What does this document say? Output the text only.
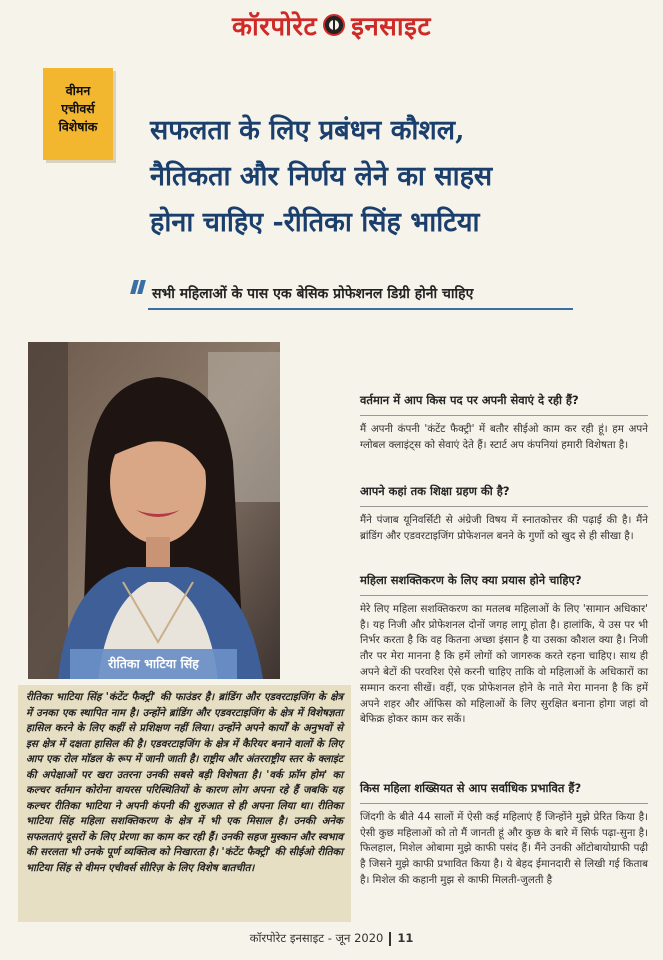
कॉरपोरेट इनसाइट
वीमन
एचीवर्स
विशेषांक	सफलता के लिए प्रबंधन कौशल,
नैतिकता और निर्णय लेने का साहस
होना चाहिए -रीतिका सिंह भाटिया
सभी महिलाओं के पास एक बेसिक प्रोफेशनल डिग्री होनी चाहिए
रीतिका भाटिया सिंह
रीतिका भाटिया सिंह 'कंटेंट फैक्ट्री' की फाउंडर है। ब्रांडिंग और एडवरटाइजिंग के क्षेत्र में उनका एक स्थापित नाम है। उन्होंने ब्रांडिंग और एडवरटाइजिंग के क्षेत्र में विशेषज्ञता हासिल करने के लिए कहीं से प्रशिक्षण नहीं लिया। उन्होंने अपने कार्यों के अनुभवों से इस क्षेत्र में दक्षता हासिल की है। एडवरटाइजिंग के क्षेत्र में कैरियर बनाने वालों के लिए आप एक रोल मॉडल के रूप में जानी जाती है। राष्ट्रीय और अंतरराष्ट्रीय स्तर के क्लाइंट की अपेक्षाओं पर खरा उतरना उनकी सबसे बड़ी विशेषता है। 'वर्क फ्रॉम होम' का कल्चर वर्तमान कोरोना वायरस परिस्थितियों के कारण लोग अपना रहे हैं जबकि यह कल्चर रीतिका भाटिया ने अपनी कंपनी की शुरुआत से ही अपना लिया था। रीतिका भाटिया सिंह महिला सशक्तिकरण के क्षेत्र में भी एक मिसाल है। उनकी अनेक सफलताएं दूसरों के लिए प्रेरणा का काम कर रही हैं। उनकी सहज मुस्कान और स्वभाव की सरलता भी उनके पूर्ण व्यक्तित्व को निखारता है। 'कंटेंट फैक्ट्री' की सीईओ रीतिका भाटिया सिंह से वीमन एचीवर्स सीरिज़ के लिए विशेष बातचीत।
वर्तमान में आप किस पद पर अपनी सेवाएं दे रही हैं?
मैं अपनी कंपनी 'कंटेंट फैक्ट्री' में बतौर सीईओ काम कर रही हूं। हम अपने ग्लोबल क्लाइंट्स को सेवाएं देते हैं। स्टार्ट अप कंपनियां हमारी विशेषता है।
आपने कहां तक शिक्षा ग्रहण की है?
मैंने पंजाब यूनिवर्सिटी से अंग्रेजी विषय में स्नातकोत्तर की पढ़ाई की है। मैंने ब्रांडिंग और एडवरटाइजिंग प्रोफेशनल बनने के गुणों को खुद से ही सीखा है।
महिला सशक्तिकरण के लिए क्या प्रयास होने चाहिए?
मेरे लिए महिला सशक्तिकरण का मतलब महिलाओं के लिए 'सामान अधिकार' है। यह निजी और प्रोफेशनल दोनों जगह लागू होता है। हालांकि, ये उस पर भी निर्भर करता है कि वह कितना अच्छा इंसान है या उसका कौशल क्या है। निजी तौर पर मेरा मानना है कि हमें लोगों को जागरुक करते रहना चाहिए। साथ ही अपने बेटों की परवरिश ऐसे करनी चाहिए ताकि वो महिलाओं के अधिकारों का सम्मान करना सीखें। वहीं, एक प्रोफेशनल होने के नाते मेरा मानना है कि हमें अपने शहर और ऑफिस को महिलाओं के लिए सुरक्षित बनाना होगा जहां वो बेफिक्र होकर काम कर सकें।
किस महिला शख्सियत से आप सर्वाधिक प्रभावित हैं?
जिंदगी के बीते 44 सालों में ऐसी कई महिलाएं हैं जिन्होंने मुझे प्रेरित किया है। ऐसी कुछ महिलाओं को तो मैं जानती हूं और कुछ के बारे में सिर्फ पढ़ा-सुना है। फिलहाल, मिशेल ओबामा मुझे काफी पसंद हैं। मैंने उनकी ऑटोबायोग्राफी पढ़ी है जिसने मुझे काफी प्रभावित किया है। ये बेहद ईमानदारी से लिखी गई किताब है। मिशेल की कहानी मुझ से काफी मिलती-जुलती है
कॉरपोरेट इनसाइट - जून 2020 11
